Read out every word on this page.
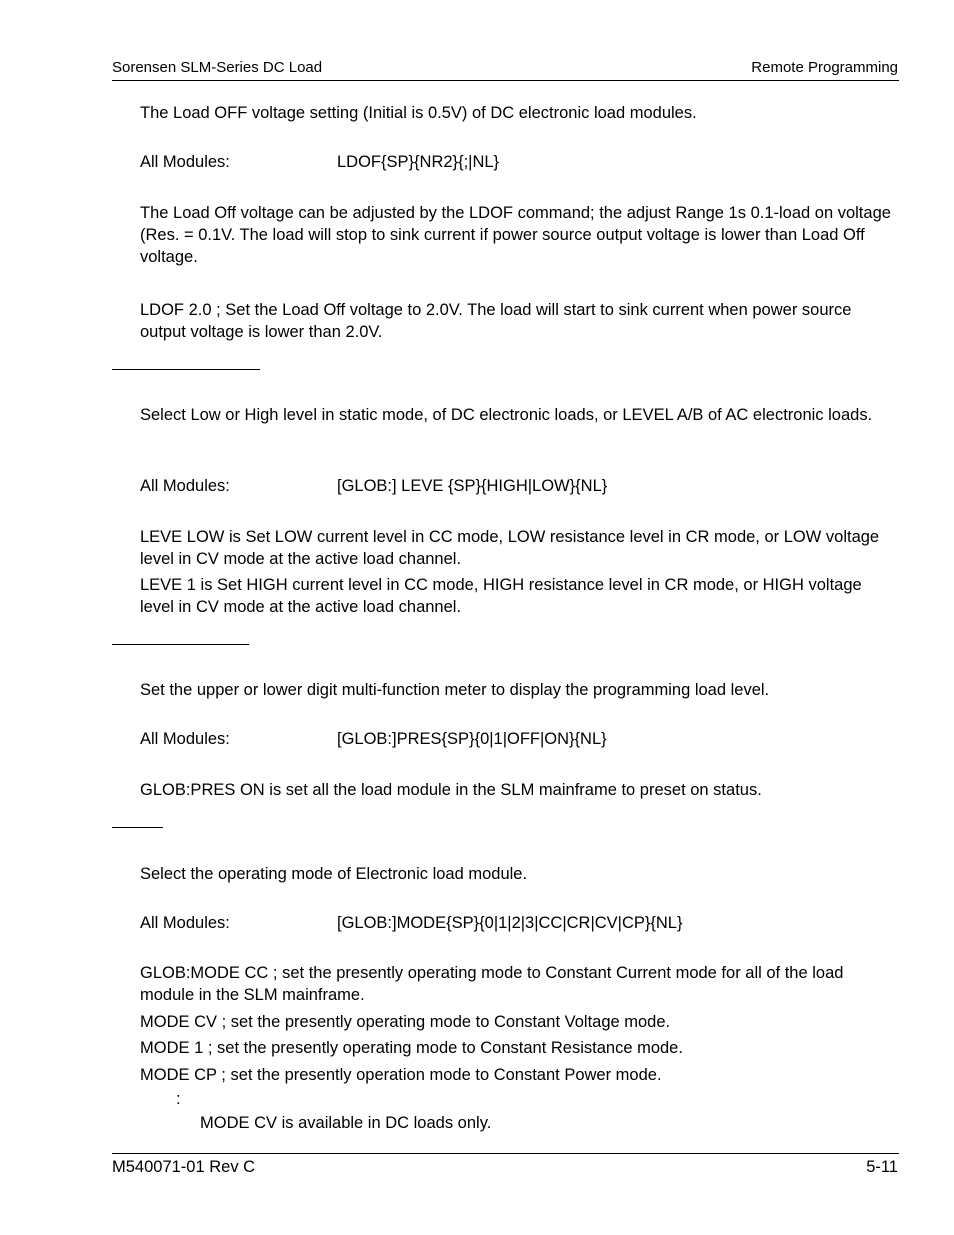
Sorensen SLM-Series DC Load	Remote Programming
The Load OFF voltage setting (Initial is 0.5V) of DC electronic load modules.
All Modules:	LDOF{SP}{NR2}{;|NL}
The Load Off voltage can be adjusted by the LDOF command; the adjust Range 1s 0.1-load on voltage (Res. = 0.1V. The load will stop to sink current if power source output voltage is lower than Load Off voltage.
LDOF 2.0 ; Set the Load Off voltage to 2.0V. The load will start to sink current when power source output voltage is lower than 2.0V.
Select Low or High level in static mode, of DC electronic loads, or LEVEL A/B of AC electronic loads.
All Modules:	[GLOB:] LEVE {SP}{HIGH|LOW}{NL}
LEVE LOW is Set LOW current level in CC mode, LOW resistance level in CR mode, or LOW voltage level in CV mode at the active load channel.
LEVE 1 is Set HIGH current level in CC mode, HIGH resistance level in CR mode, or HIGH voltage level in CV mode at the active load channel.
Set the upper or lower digit multi-function meter to display the programming load level.
All Modules:	[GLOB:]PRES{SP}{0|1|OFF|ON}{NL}
GLOB:PRES ON is set all the load module in the SLM mainframe to preset on status.
Select the operating mode of Electronic load module.
All Modules:	[GLOB:]MODE{SP}{0|1|2|3|CC|CR|CV|CP}{NL}
GLOB:MODE CC ; set the presently operating mode to Constant Current mode for all of the load module in the SLM mainframe.
MODE CV ; set the presently operating mode to Constant Voltage mode.
MODE 1 ; set the presently operating mode to Constant Resistance mode.
MODE CP ; set the presently operation mode to Constant Power mode.
:
MODE CV is available in DC loads only.
M540071-01 Rev C	5-11
